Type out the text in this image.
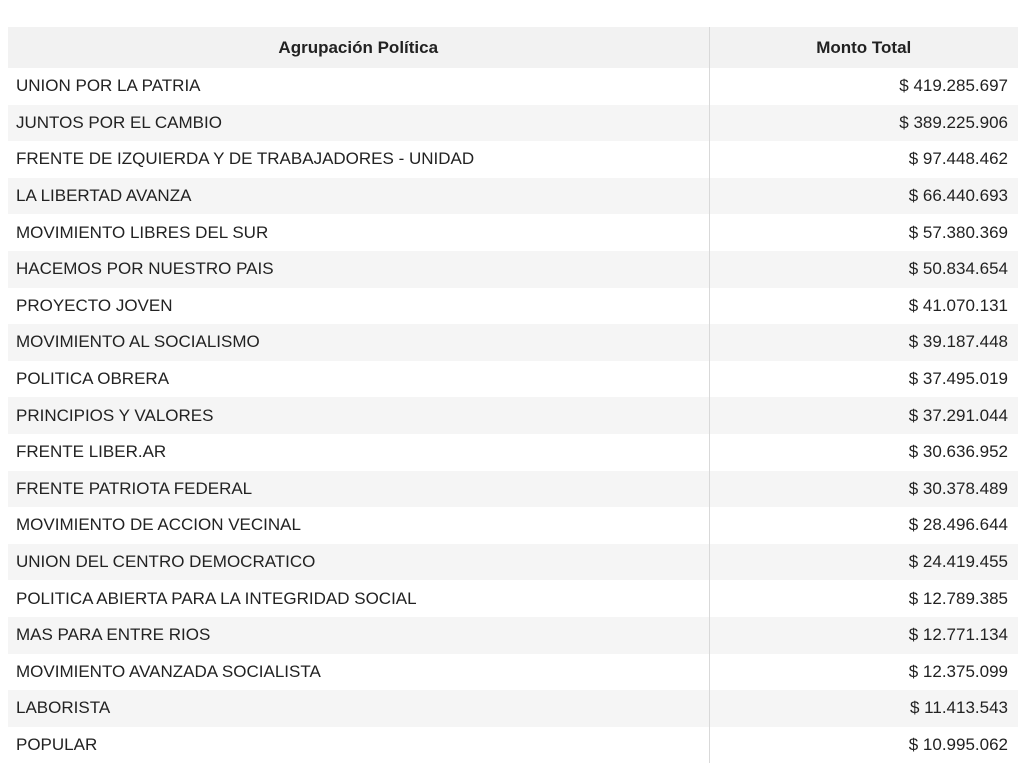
Agrupación Política	Monto Total
UNION POR LA PATRIA	$ 419.285.697
JUNTOS POR EL CAMBIO	$ 389.225.906
FRENTE DE IZQUIERDA Y DE TRABAJADORES - UNIDAD	$ 97.448.462
LA LIBERTAD AVANZA	$ 66.440.693
MOVIMIENTO LIBRES DEL SUR	$ 57.380.369
HACEMOS POR NUESTRO PAIS	$ 50.834.654
PROYECTO JOVEN	$ 41.070.131
MOVIMIENTO AL SOCIALISMO	$ 39.187.448
POLITICA OBRERA	$ 37.495.019
PRINCIPIOS Y VALORES	$ 37.291.044
FRENTE LIBER.AR	$ 30.636.952
FRENTE PATRIOTA FEDERAL	$ 30.378.489
MOVIMIENTO DE ACCION VECINAL	$ 28.496.644
UNION DEL CENTRO DEMOCRATICO	$ 24.419.455
POLITICA ABIERTA PARA LA INTEGRIDAD SOCIAL	$ 12.789.385
MAS PARA ENTRE RIOS	$ 12.771.134
MOVIMIENTO AVANZADA SOCIALISTA	$ 12.375.099
LABORISTA	$ 11.413.543
POPULAR	$ 10.995.062
